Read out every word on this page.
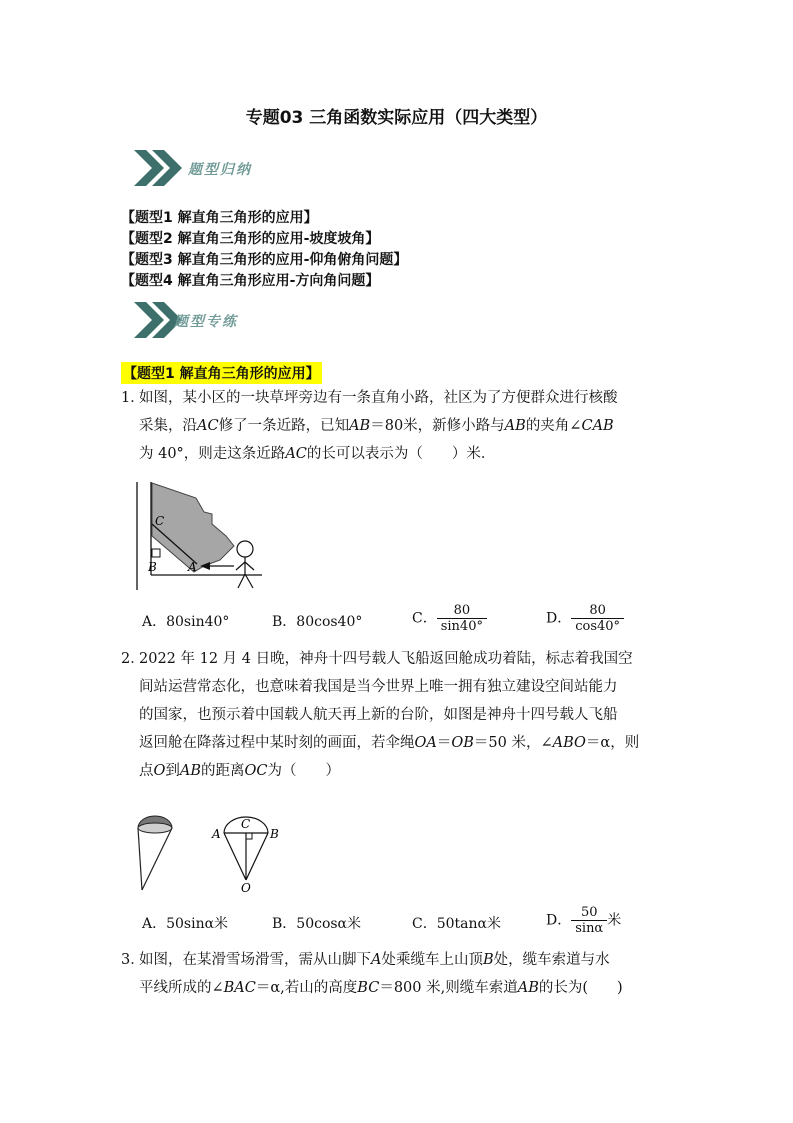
专题03 三角函数实际应用（四大类型）
题型归纳
【题型1 解直角三角形的应用】
【题型2 解直角三角形的应用-坡度坡角】
【题型3 解直角三角形的应用-仰角俯角问题】
【题型4 解直角三角形应用-方向角问题】
题型专练
【题型1 解直角三角形的应用】
1．
如图，某小区的一块草坪旁边有一条直角小路，社区为了方便群众进行核酸
采集，沿AC修了一条近路，已知AB＝80米，新修小路与AB的夹角∠CAB
为 40°，则走这条近路AC的长可以表示为（　　）米．
C
B	A
A．80sin40°	B．80cos40°	C． $\frac{80}{\sin 40^\circ}$	D． $\frac{80}{\cos 40^\circ}$
2．
2022 年 12 月 4 日晚，神舟十四号载人飞船返回舱成功着陆，标志着我国空
间站运营常态化，也意味着我国是当今世界上唯一拥有独立建设空间站能力
的国家，也预示着中国载人航天再上新的台阶，如图是神舟十四号载人飞船
返回舱在降落过程中某时刻的画面，若伞绳OA＝OB＝50 米，∠ABO＝α，则
点O到AB的距离OC为（　　）
A
C
B
O
A．50sinα米	B．50cosα米	C．50tanα米	D． $\frac{50}{\sin\alpha}$ 米
3．
如图，在某滑雪场滑雪，需从山脚下A处乘缆车上山顶B处，缆车索道与水
平线所成的∠BAC＝α,若山的高度BC＝800 米,则缆车索道AB的长为(　　)
